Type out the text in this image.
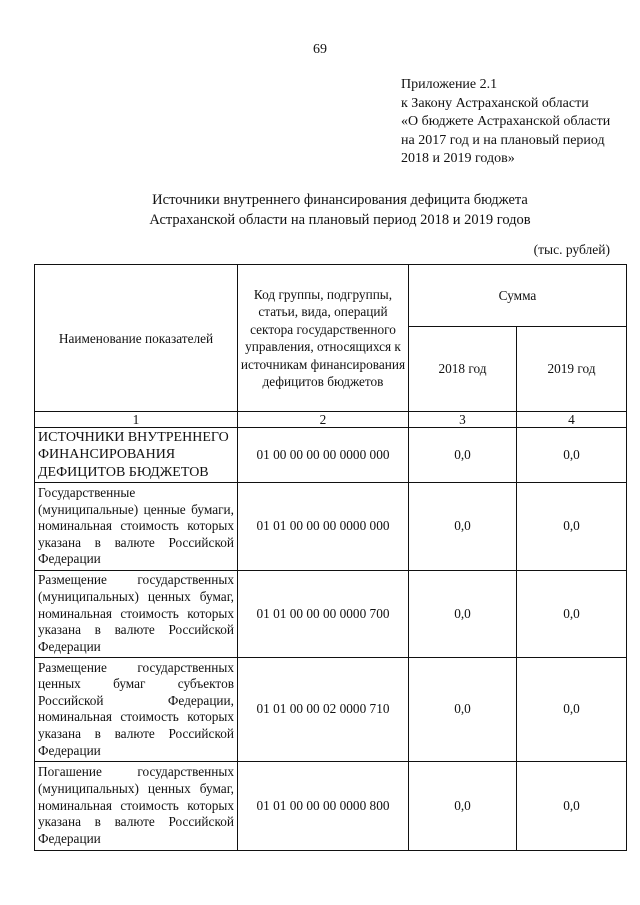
69
Приложение 2.1
к Закону Астраханской области
«О бюджете Астраханской области
на 2017 год и на плановый период
2018 и 2019 годов»
Источники внутреннего финансирования дефицита бюджета
Астраханской области на плановый период 2018 и 2019 годов
(тыс. рублей)
Наименование показателей	Код группы, подгруппы, статьи, вида, операций сектора государственного управления, относящихся к источникам финансирования дефицитов бюджетов	Сумма	
		2018 год	2019 год
1	2	3	4
ИСТОЧНИКИ ВНУТРЕННЕГО ФИНАНСИРОВАНИЯ ДЕФИЦИТОВ БЮДЖЕТОВ	01 00 00 00 00 0000 000	0,0	0,0
Государственные (муниципальные) ценные бумаги, номинальная стоимость которых указана в валюте Российской Федерации	01 01 00 00 00 0000 000	0,0	0,0
Размещение государственных (муниципальных) ценных бумаг, номинальная стоимость которых указана в валюте Российской Федерации	01 01 00 00 00 0000 700	0,0	0,0
Размещение государственных ценных бумаг субъектов Российской Федерации, номинальная стоимость которых указана в валюте Российской Федерации	01 01 00 00 02 0000 710	0,0	0,0
Погашение государственных (муниципальных) ценных бумаг, номинальная стоимость которых указана в валюте Российской Федерации	01 01 00 00 00 0000 800	0,0	0,0
